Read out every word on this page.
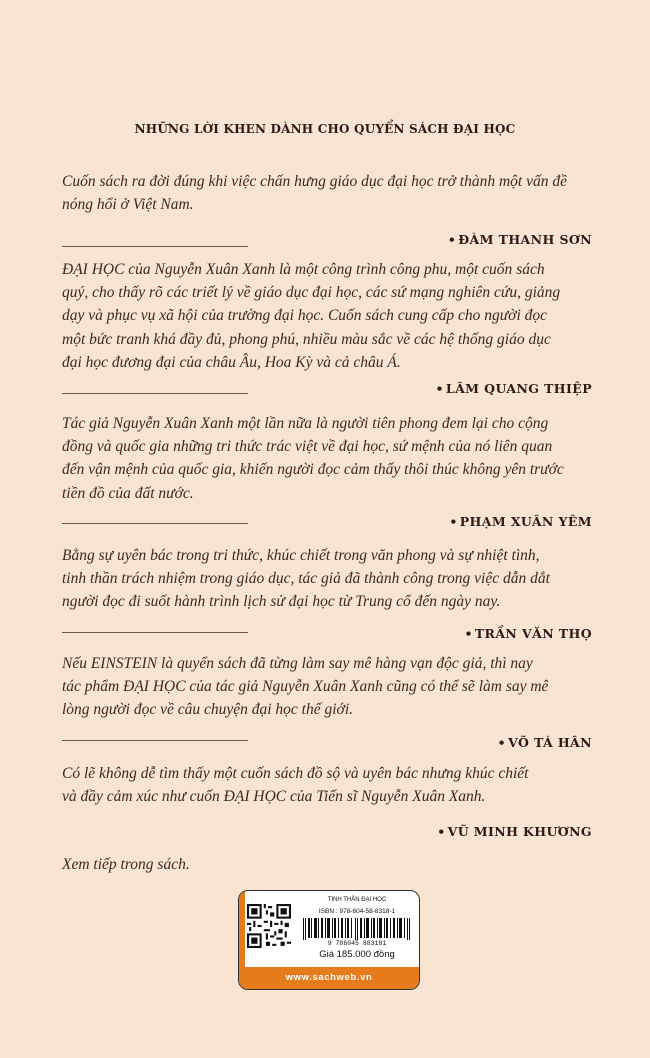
NHỮNG LỜI KHEN DÀNH CHO QUYỂN SÁCH ĐẠI HỌC
Cuốn sách ra đời đúng khi việc chấn hưng giáo dục đại học trở thành một vấn đề
nóng hổi ở Việt Nam.
• ĐÀM THANH SƠN
ĐẠI HỌC của Nguyễn Xuân Xanh là một công trình công phu, một cuốn sách
quý, cho thấy rõ các triết lý về giáo dục đại học, các sứ mạng nghiên cứu, giảng
dạy và phục vụ xã hội của trường đại học. Cuốn sách cung cấp cho người đọc
một bức tranh khá đầy đủ, phong phú, nhiều màu sắc về các hệ thống giáo dục
đại học đương đại của châu Âu, Hoa Kỳ và cả châu Á.
• LÂM QUANG THIỆP
Tác giả Nguyễn Xuân Xanh một lần nữa là người tiên phong đem lại cho cộng
đồng và quốc gia những tri thức trác việt về đại học, sứ mệnh của nó liên quan
đến vận mệnh của quốc gia, khiến người đọc cảm thấy thôi thúc không yên trước
tiền đồ của đất nước.
• PHẠM XUÂN YÊM
Bằng sự uyên bác trong tri thức, khúc chiết trong văn phong và sự nhiệt tình,
tinh thần trách nhiệm trong giáo dục, tác giả đã thành công trong việc dẫn dắt
người đọc đi suốt hành trình lịch sử đại học từ Trung cổ đến ngày nay.
• TRẦN VĂN THỌ
Nếu EINSTEIN là quyển sách đã từng làm say mê hàng vạn độc giả, thì nay
tác phẩm ĐẠI HỌC của tác giả Nguyễn Xuân Xanh cũng có thể sẽ làm say mê
lòng người đọc về câu chuyện đại học thế giới.
• VÕ TÁ HÂN
Có lẽ không dễ tìm thấy một cuốn sách đồ sộ và uyên bác nhưng khúc chiết
và đầy cảm xúc như cuốn ĐẠI HỌC của Tiến sĩ Nguyễn Xuân Xanh.
• VŨ MINH KHƯƠNG
Xem tiếp trong sách.
TINH THẦN ĐẠI HỌC
ISBN : 978-604-58-8318-1
9 786045 883181
Giá 185.000 đồng
www.sachweb.vn
